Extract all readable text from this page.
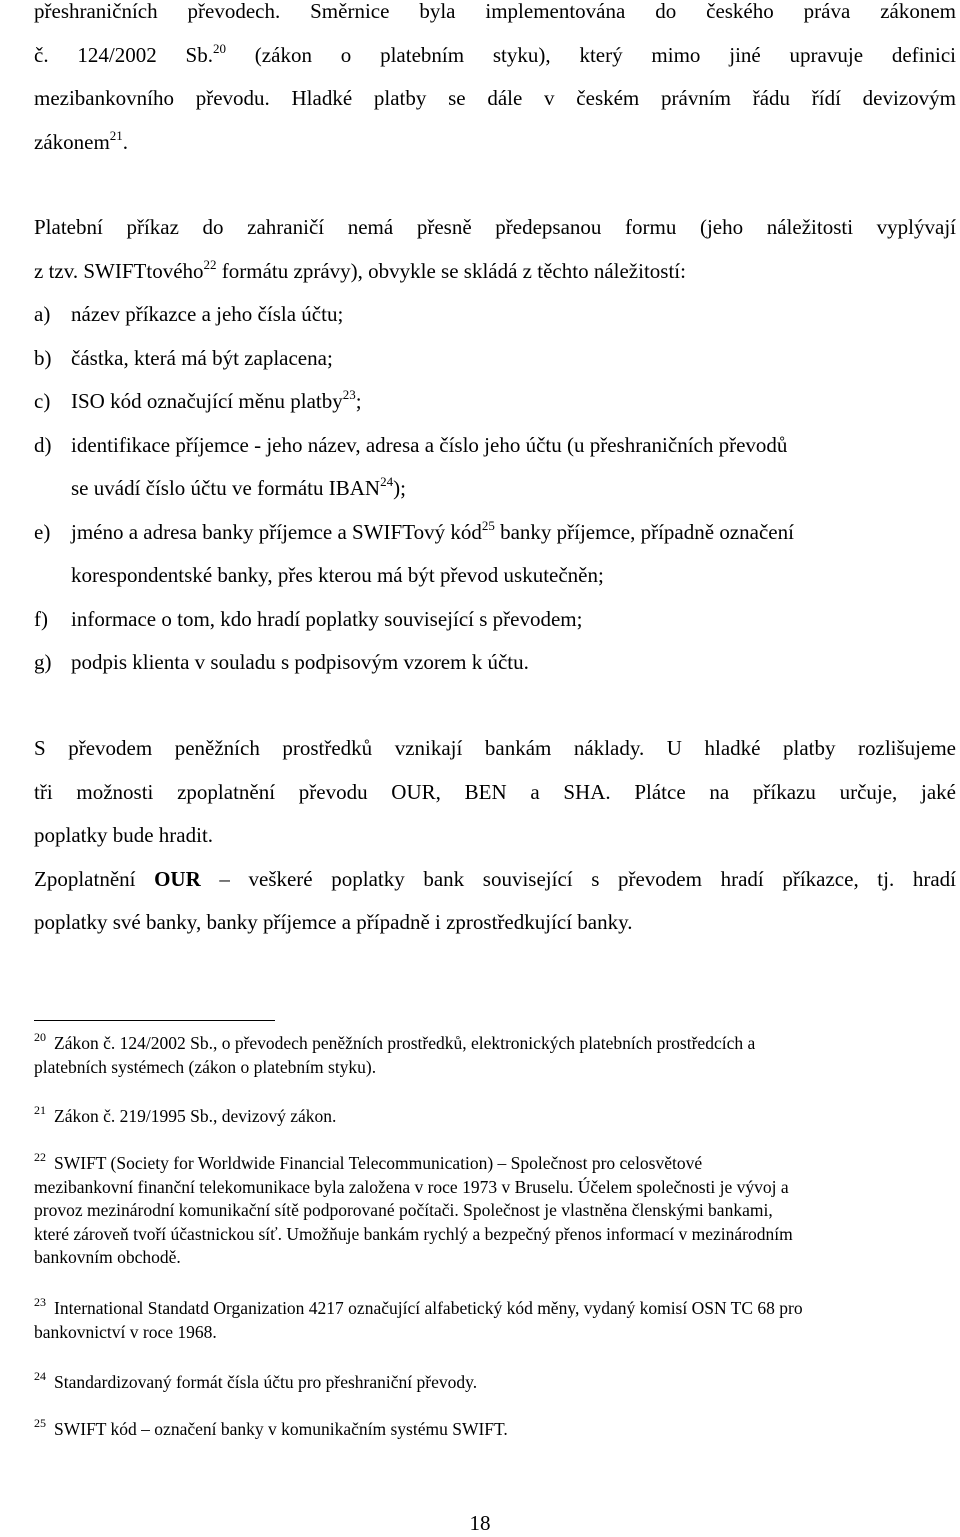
přeshraničních převodech. Směrnice byla implementována do českého práva zákonem

č. 124/2002 Sb.$^{20}$ (zákon o platebním styku), který mimo jiné upravuje definici

mezibankovního převodu. Hladké platby se dále v českém právním řádu řídí devizovým

zákonem$^{21}$.

Platební příkaz do zahraničí nemá přesně předepsanou formu (jeho náležitosti vyplývají

z tzv. SWIFTtového$^{22}$ formátu zprávy), obvykle se skládá z těchto náležitostí:

a) název příkazce a jeho čísla účtu;
b) částka, která má být zaplacena;
c) ISO kód označující měnu platby$^{23}$;
d) identifikace příjemce - jeho název, adresa a číslo jeho účtu (u přeshraničních převodů
se uvádí číslo účtu ve formátu IBAN$^{24}$);
e) jméno a adresa banky příjemce a SWIFTový kód$^{25}$ banky příjemce, případně označení
korespondentské banky, přes kterou má být převod uskutečněn;
f) informace o tom, kdo hradí poplatky související s převodem;
g) podpis klienta v souladu s podpisovým vzorem k účtu.

S převodem peněžních prostředků vznikají bankám náklady. U hladké platby rozlišujeme

tři možnosti zpoplatnění převodu OUR, BEN a SHA. Plátce na příkazu určuje, jaké

poplatky bude hradit.

Zpoplatnění OUR – veškeré poplatky bank související s převodem hradí příkazce, tj. hradí

poplatky své banky, banky příjemce a případně i zprostředkující banky.

$^{20}$ Zákon č. 124/2002 Sb., o převodech peněžních prostředků, elektronických platebních prostředcích a

platebních systémech (zákon o platebním styku).

$^{21}$ Zákon č. 219/1995 Sb., devizový zákon.

$^{22}$ SWIFT (Society for Worldwide Financial Telecommunication) – Společnost pro celosvětové

mezibankovní finanční telekomunikace byla založena v roce 1973 v Bruselu. Účelem společnosti je vývoj a

provoz mezinárodní komunikační sítě podporované počítači. Společnost je vlastněna členskými bankami,

které zároveň tvoří účastnickou síť. Umožňuje bankám rychlý a bezpečný přenos informací v mezinárodním

bankovním obchodě.

$^{23}$ International Standatd Organization 4217 označující alfabetický kód měny, vydaný komisí OSN TC 68 pro

bankovnictví v roce 1968.

$^{24}$ Standardizovaný formát čísla účtu pro přeshraniční převody.

$^{25}$ SWIFT kód – označení banky v komunikačním systému SWIFT.

18
